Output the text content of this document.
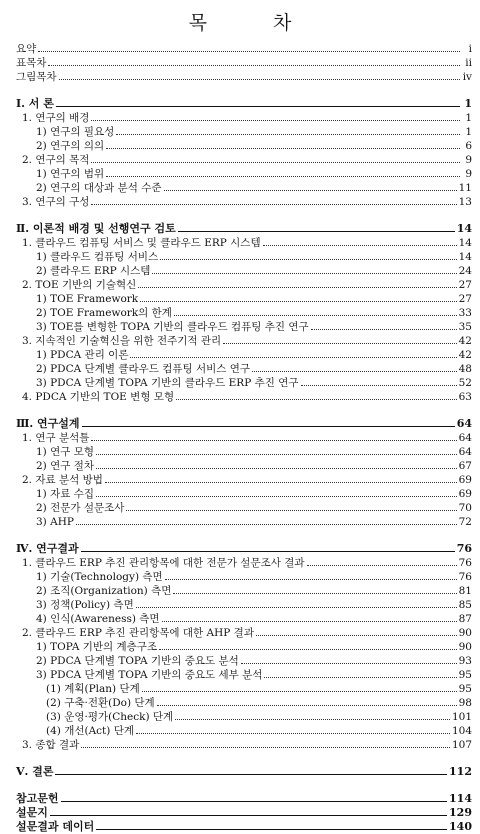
목 차
요약	i
표목차	ii
그림목차	iv
Ⅰ. 서 론	1
1. 연구의 배경	1
1) 연구의 필요성	1
2) 연구의 의의	6
2. 연구의 목적	9
1) 연구의 범위	9
2) 연구의 대상과 분석 수준	11
3. 연구의 구성	13
Ⅱ. 이론적 배경 및 선행연구 검토	14
1. 클라우드 컴퓨팅 서비스 및 클라우드 ERP 시스템	14
1) 클라우드 컴퓨팅 서비스	14
2) 클라우드 ERP 시스템	24
2. TOE 기반의 기술혁신	27
1) TOE Framework	27
2) TOE Framework의 한계	33
3) TOE를 변형한 TOPA 기반의 클라우드 컴퓨팅 추진 연구	35
3. 지속적인 기술혁신을 위한 전주기적 관리	42
1) PDCA 관리 이론	42
2) PDCA 단계별 클라우드 컴퓨팅 서비스 연구	48
3) PDCA 단계별 TOPA 기반의 클라우드 ERP 추진 연구	52
4. PDCA 기반의 TOE 변형 모형	63
Ⅲ. 연구설계	64
1. 연구 분석틀	64
1) 연구 모형	64
2) 연구 절차	67
2. 자료 분석 방법	69
1) 자료 수집	69
2) 전문가 설문조사	70
3) AHP	72
Ⅳ. 연구결과	76
1. 클라우드 ERP 추진 관리항목에 대한 전문가 설문조사 결과	76
1) 기술(Technology) 측면	76
2) 조직(Organization) 측면	81
3) 정책(Policy) 측면	85
4) 인식(Awareness) 측면	87
2. 클라우드 ERP 추진 관리항목에 대한 AHP 결과	90
1) TOPA 기반의 계층구조	90
2) PDCA 단계별 TOPA 기반의 중요도 분석	93
3) PDCA 단계별 TOPA 기반의 중요도 세부 분석	95
(1) 계획(Plan) 단계	95
(2) 구축·전환(Do) 단계	98
(3) 운영·평가(Check) 단계	101
(4) 개선(Act) 단계	104
3. 종합 결과	107
Ⅴ. 결론	112
참고문헌	114
설문지	129
설문결과 데이터	140
